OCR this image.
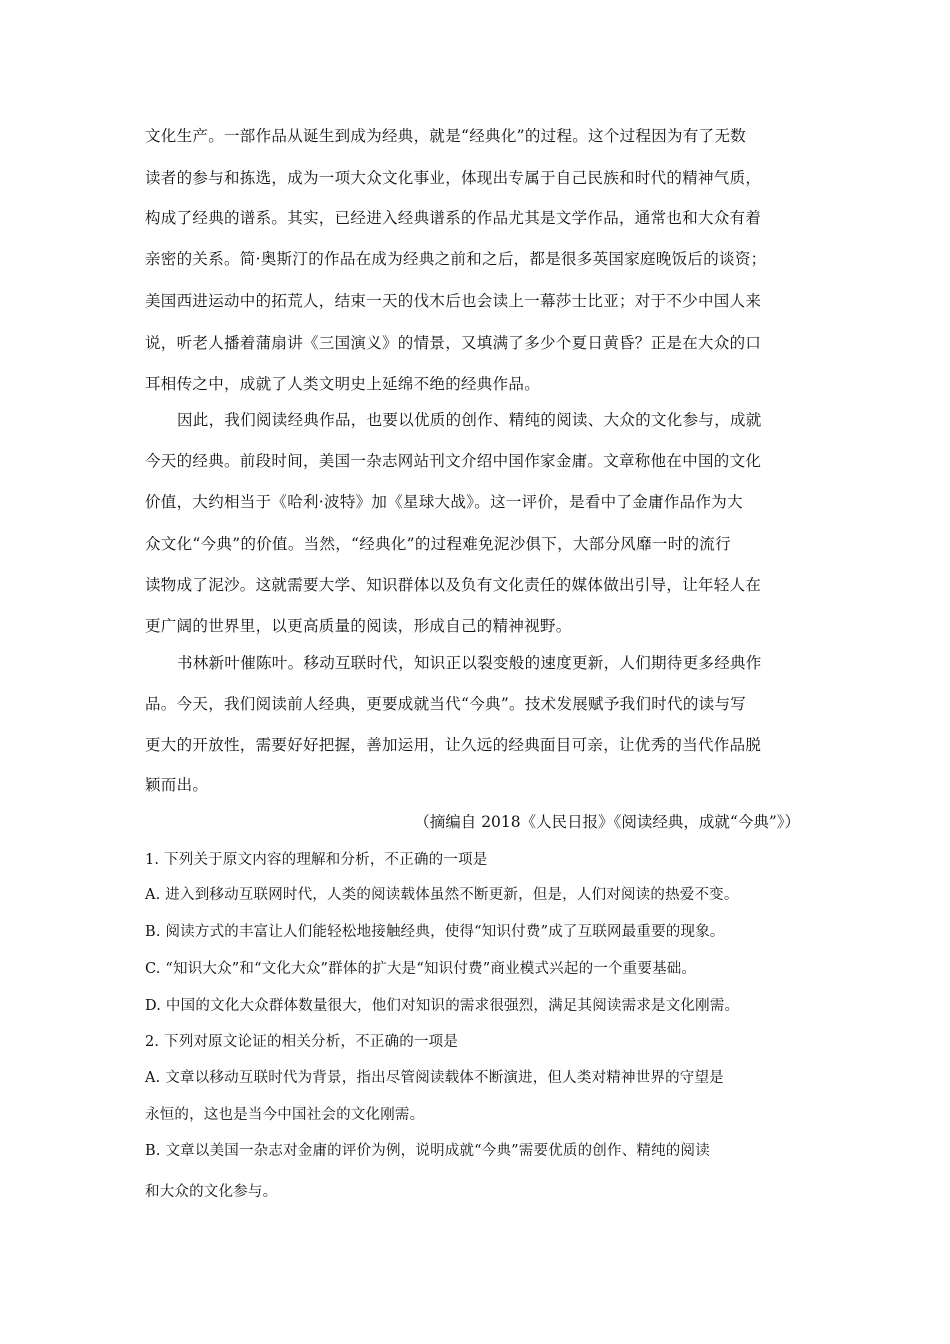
文化生产。一部作品从诞生到成为经典，就是“经典化”的过程。这个过程因为有了无数
读者的参与和拣选，成为一项大众文化事业，体现出专属于自己民族和时代的精神气质，
构成了经典的谱系。其实，已经进入经典谱系的作品尤其是文学作品，通常也和大众有着
亲密的关系。简·奥斯汀的作品在成为经典之前和之后，都是很多英国家庭晚饭后的谈资；
美国西进运动中的拓荒人，结束一天的伐木后也会读上一幕莎士比亚；对于不少中国人来
说，听老人播着蒲扇讲《三国演义》的情景，又填满了多少个夏日黄昏？正是在大众的口
耳相传之中，成就了人类文明史上延绵不绝的经典作品。
因此，我们阅读经典作品，也要以优质的创作、精纯的阅读、大众的文化参与，成就
今天的经典。前段时间，美国一杂志网站刊文介绍中国作家金庸。文章称他在中国的文化
价值，大约相当于《哈利·波特》加《星球大战》。这一评价，是看中了金庸作品作为大
众文化“今典”的价值。当然，“经典化”的过程难免泥沙俱下，大部分风靡一时的流行
读物成了泥沙。这就需要大学、知识群体以及负有文化责任的媒体做出引导，让年轻人在
更广阔的世界里，以更高质量的阅读，形成自己的精神视野。
书林新叶催陈叶。移动互联时代，知识正以裂变般的速度更新，人们期待更多经典作
品。今天，我们阅读前人经典，更要成就当代“今典”。技术发展赋予我们时代的读与写
更大的开放性，需要好好把握，善加运用，让久远的经典面目可亲，让优秀的当代作品脱
颖而出。
（摘编自 2018《人民日报》《阅读经典，成就“今典”》）
1. 下列关于原文内容的理解和分析，不正确的一项是
A. 进入到移动互联网时代，人类的阅读载体虽然不断更新，但是，人们对阅读的热爱不变。
B. 阅读方式的丰富让人们能轻松地接触经典，使得“知识付费”成了互联网最重要的现象。
C. “知识大众”和“文化大众”群体的扩大是“知识付费”商业模式兴起的一个重要基础。
D. 中国的文化大众群体数量很大，他们对知识的需求很强烈，满足其阅读需求是文化刚需。
2. 下列对原文论证的相关分析，不正确的一项是
A. 文章以移动互联时代为背景，指出尽管阅读载体不断演进，但人类对精神世界的守望是
永恒的，这也是当今中国社会的文化刚需。
B. 文章以美国一杂志对金庸的评价为例，说明成就“今典”需要优质的创作、精纯的阅读
和大众的文化参与。
